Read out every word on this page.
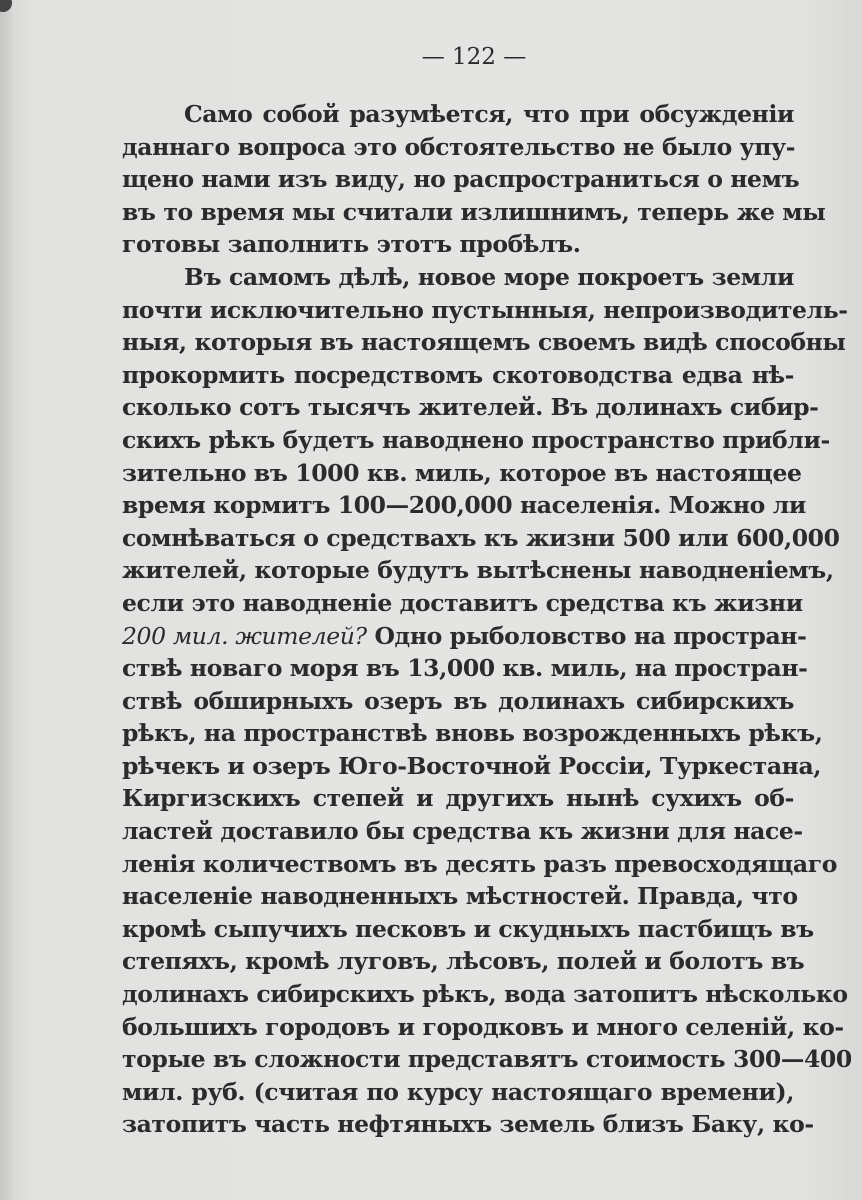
— 122 —
Само собой разумѣется, что при обсужденіи
даннаго вопроса это обстоятельство не было упу-
щено нами изъ виду, но распространиться о немъ
въ то время мы считали излишнимъ, теперь же мы
готовы заполнить этотъ пробѣлъ.
Въ самомъ дѣлѣ, новое море покроетъ земли
почти исключительно пустынныя, непроизводитель-
ныя, которыя въ настоящемъ своемъ видѣ способны
прокормить посредствомъ скотоводства едва нѣ-
сколько сотъ тысячъ жителей. Въ долинахъ сибир-
скихъ рѣкъ будетъ наводнено пространство прибли-
зительно въ 1000 кв. миль, которое въ настоящее
время кормитъ 100—200,000 населенія. Можно ли
сомнѣваться о средствахъ къ жизни 500 или 600,000
жителей, которые будутъ вытѣснены наводненіемъ,
если это наводненіе доставитъ средства къ жизни
200 мил. жителей? Одно рыболовство на простран-
ствѣ новаго моря въ 13,000 кв. миль, на простран-
ствѣ обширныхъ озеръ въ долинахъ сибирскихъ
рѣкъ, на пространствѣ вновь возрожденныхъ рѣкъ,
рѣчекъ и озеръ Юго-Восточной Россіи, Туркестана,
Киргизскихъ степей и другихъ нынѣ сухихъ об-
ластей доставило бы средства къ жизни для насе-
ленія количествомъ въ десять разъ превосходящаго
населеніе наводненныхъ мѣстностей. Правда, что
кромѣ сыпучихъ песковъ и скудныхъ пастбищъ въ
степяхъ, кромѣ луговъ, лѣсовъ, полей и болотъ въ
долинахъ сибирскихъ рѣкъ, вода затопитъ нѣсколько
большихъ городовъ и городковъ и много селеній, ко-
торые въ сложности представятъ стоимость 300—400
мил. руб. (считая по курсу настоящаго времени),
затопитъ часть нефтяныхъ земель близъ Баку, ко-
